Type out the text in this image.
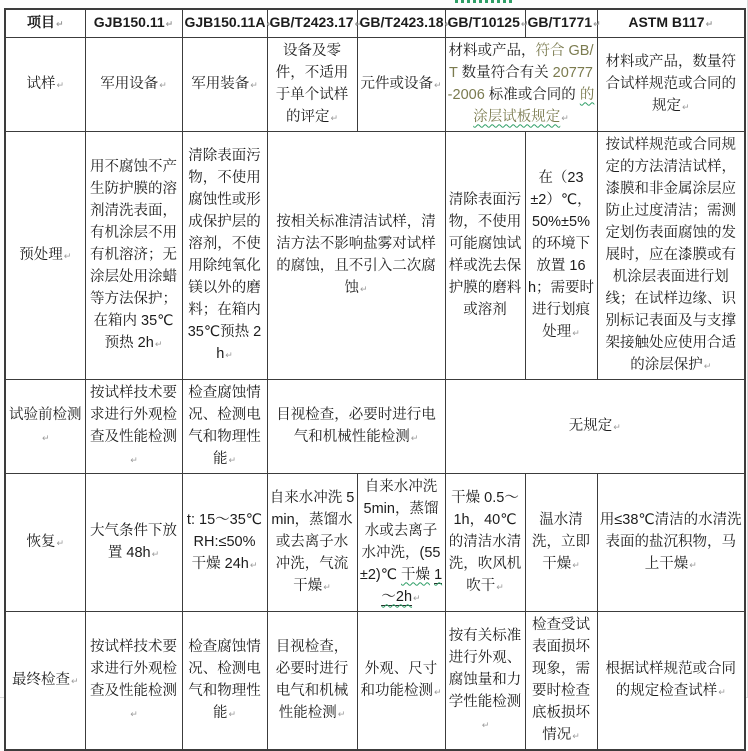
项目 ↵	GJB150.11 ↵	GJB150.11A ↵	GB/T2423.17 ↵	GB/T2423.18 ↵	GB/T10125 ↵	GB/T1771 ↵	ASTM B117 ↵
试样 ↵	军用设备 ↵	军用装备 ↵	设备及零件，不适用于单个试样的评定 ↵	元件或设备 ↵	材料或产品，符合 GB/T 数量符合有关 20777-2006 标准或合同的 的涂层试板规定 ↵		材料或产品，数量符合试样规范或合同的规定 ↵
预处理 ↵	用不腐蚀不产生防护膜的溶剂清洗表面，有机涂层不用有机溶济；无涂层处用涂蜡等方法保护；在箱内 35℃预热 2h ↵	清除表面污物，不使用腐蚀性或形成保护层的溶剂，不使用除纯氧化镁以外的磨料；在箱内 35℃预热 2h ↵	按相关标准清洁试样，清洁方法不影响盐雾对试样的腐蚀，且不引入二次腐蚀 ↵		清除表面污物，不使用可能腐蚀试样或洗去保护膜的磨料或溶剂	在（23±2）℃，50%±5%的环境下放置 16h；需要时进行划痕处理 ↵	按试样规范或合同规定的方法清洁试样，漆膜和非金属涂层应防止过度清洁；需测定划伤表面腐蚀的发展时，应在漆膜或有机涂层表面进行划线；在试样边缘、识别标记表面及与支撑架接触处应使用合适的涂层保护 ↵
试验前检测 ↵	按试样技术要求进行外观检查及性能检测 ↵	检查腐蚀情况、检测电气和物理性能 ↵	目视检查，必要时进行电气和机械性能检测 ↵		无规定 ↵
恢复 ↵	大气条件下放置 48h ↵	t: 15～35℃ RH:≤50% 干燥 24h ↵	自来水冲洗 5min，蒸馏水或去离子水冲洗，气流干燥 ↵	自来水冲洗 5min，蒸馏水或去离子水冲洗，(55±2)℃ 干燥 1～2h ↵	干燥 0.5～1h，40℃的清洁水清洗，吹风机吹干 ↵	温水清洗，立即干燥 ↵	用≤38℃清洁的水清洗表面的盐沉积物，马上干燥 ↵
最终检查 ↵	按试样技术要求进行外观检查及性能检测 ↵	检查腐蚀情况、检测电气和物理性能 ↵	目视检查，必要时进行电气和机械性能检测 ↵	外观、尺寸和功能检测 ↵	按有关标准进行外观、腐蚀量和力学性能检测 ↵	检查受试表面损坏现象，需要时检查底板损坏情况 ↵	根据试样规范或合同的规定检查试样 ↵
